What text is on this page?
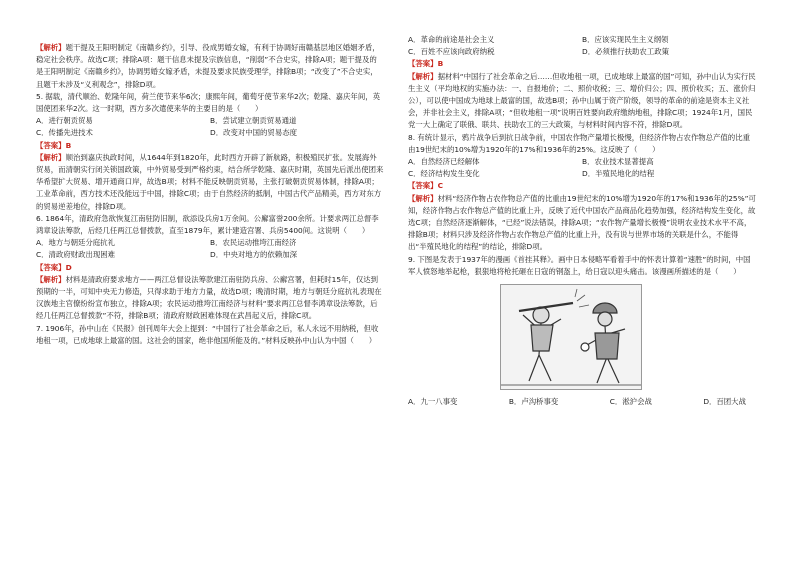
【解析】题干提及王阳明制定《南赣乡约》，引导、役成男婚女嫁，有利于协调好南赣基层地区婚姻矛盾，稳定社会秩序。故选C项；排除A项：题干信息未提及宗族信息，“削弱”不合史实，排除A项；题干提及的是王阳明制定《南赣乡约》，协调男婚女嫁矛盾，未提及要求民族受理学，排除B项；“改变了”不合史实，且题干未涉及“义利观念”，排除D项。

5. 据载，清代顺治、乾隆年间，荷兰使节来华6次；康熙年间，葡萄牙使节来华2次；乾隆、嘉庆年间，英国使团来华2次。这一时期，西方多次遣使来华的主要目的是（　　）

A．进行朝贡贸易	B．尝试建立朝贡贸易通道
C．传播先进技术	D．改变对中国的贸易态度

【答案】B

【解析】顺治到嘉庆执政时间，从1644年到1820年，此时西方开辟了新航路，积极殖民扩张。发展海外贸易，而清朝实行闭关锁国政策，中外贸易受到严格约束，结合所学乾隆、嘉庆时期，英国先后派出使团来华希望扩大贸易、增开通商口岸，故选B项；材料不能反映朝贡贸易，主张打破朝贡贸易体制，排除A项；工业革命前，西方技术还没能远于中国，排除C项；由于自然经济的抵制，中国古代产品精美，西方对东方的贸易逆差地位，排除D项。

6. 1864年，清政府急欲恢复江南驻防旧制，欲添设兵房1万余间。公廨富誉200余所。计要求两江总督李鸿章设法筹款，后经几任两江总督拨款，直至1879年，累计建造宫署、兵房5400间。这说明（　　）

A．地方与朝廷分庭抗礼	B．农民运动推垮江南经济
C．清政府财政出现困难	D．中央对地方的依赖加深

【答案】D

【解析】材料是清政府要求地方——两江总督设法筹款建江南驻防兵房、公廨宫署，但耗时15年，仅达到预期的一半，可知中央无力修造，只得求助于地方力量，故选D项；晚清时期，地方与朝廷分庭抗礼表现在汉族地主官僚纷纷宣布独立，排除A项；农民运动推垮江南经济与材料“要求两江总督李鸿章设法筹款，后经几任两江总督拨款”不符，排除B项；清政府财政困难体现在武昌起义后，排除C项。

7. 1906年，孙中山在《民报》创刊周年大会上提到：“中国行了社会革命之后，私人永远不用纳税，但收地租一项，已成地球上最富的国。这社会的国家，绝非他国所能及的。”材料反映孙中山认为中国（　　）

A．革命的前途是社会主义	B．应该实现民生主义纲领
C．百姓不应该向政府纳税	D．必须推行扶助农工政策

【答案】B

【解析】据材料“中国行了社会革命之后……但收地租一项，已成地球上最富的国”可知，孙中山认为实行民生主义（平均地权的实施办法：一、自报地价；二、照价收税；三、增价归公；四、照价收买；五、涨价归公），可以使中国成为地球上最富的国，故选B项；孙中山属于资产阶级，领导的革命的前途是资本主义社会，并非社会主义，排除A项；“但收地租一项”说明百姓要向政府缴纳地租，排除C项；1924年1月，国民党一大上确定了联俄、联共、扶助农工的三大政策，与材料时间内容不符，排除D项。

8. 有统计显示，鸦片战争后到抗日战争前，中国农作物产量增长极慢，但经济作物占农作物总产值的比重由19世纪末的10%增为1920年的17%和1936年的25%。这反映了（　　）

A．自然经济已经解体	B．农业技术显著提高
C．经济结构发生变化	D．半殖民地化的结程

【答案】C

【解析】材料“经济作物占农作物总产值的比重由19世纪末的10%增为1920年的17%和1936年的25%”可知，经济作物占农作物总产值的比重上升，反映了近代中国农产品商品化趋势加强，经济结构发生变化，故选C项；自然经济逐渐解体，“已经”说法错误，排除A项；“农作物产量增长极慢”说明农业技术水平不高，排除B项；材料只涉及经济作物占农作物总产值的比重上升，没有说与世界市场的关联是什么，不能得出“半殖民地化的结程”的结论，排除D项。

9. 下图是发表于1937年的漫画《首挂其释》。画中日本侵略军看着手中的怀表计算着“速胜”的时间，中国军人愤怒地举起枪，狠狠地将枪托砸在日寇的钢盔上，给日寇以迎头痛击。该漫画所描述的是（　　）

A．九一八事变	B．卢沟桥事变	C．淞沪会战	D．百团大战
